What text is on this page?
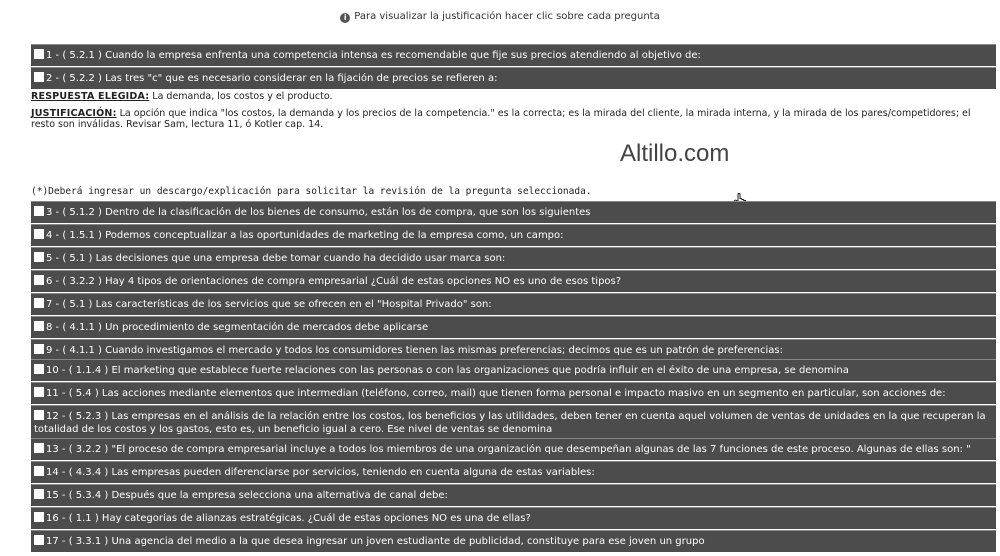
i Para visualizar la justificación hacer clic sobre cada pregunta
1 - ( 5.2.1 ) Cuando la empresa enfrenta una competencia intensa es recomendable que fije sus precios atendiendo al objetivo de:
2 - ( 5.2.2 ) Las tres "c" que es necesario considerar en la fijación de precios se refieren a:
RESPUESTA ELEGIDA: La demanda, los costos y el producto.
JUSTIFICACIÓN: La opción que indica "los costos, la demanda y los precios de la competencia." es la correcta; es la mirada del cliente, la mirada interna, y la mirada de los pares/competidores; el resto son inválidas. Revisar Sam, lectura 11, ó Kotler cap. 14.
Altillo.com
(*)Deberá ingresar un descargo/explicación para solicitar la revisión de la pregunta seleccionada.
3 - ( 5.1.2 ) Dentro de la clasificación de los bienes de consumo, están los de compra, que son los siguientes
4 - ( 1.5.1 ) Podemos conceptualizar a las oportunidades de marketing de la empresa como, un campo:
5 - ( 5.1 ) Las decisiones que una empresa debe tomar cuando ha decidido usar marca son:
6 - ( 3.2.2 ) Hay 4 tipos de orientaciones de compra empresarial ¿Cuál de estas opciones NO es uno de esos tipos?
7 - ( 5.1 ) Las características de los servicios que se ofrecen en el "Hospital Privado" son:
8 - ( 4.1.1 ) Un procedimiento de segmentación de mercados debe aplicarse
9 - ( 4.1.1 ) Cuando investigamos el mercado y todos los consumidores tienen las mismas preferencias; decimos que es un patrón de preferencias:
10 - ( 1.1.4 ) El marketing que establece fuerte relaciones con las personas o con las organizaciones que podría influir en el éxito de una empresa, se denomina
11 - ( 5.4 ) Las acciones mediante elementos que intermedian (teléfono, correo, mail) que tienen forma personal e impacto masivo en un segmento en particular, son acciones de:
12 - ( 5.2.3 ) Las empresas en el análisis de la relación entre los costos, los beneficios y las utilidades, deben tener en cuenta aquel volumen de ventas de unidades en la que recuperan la totalidad de los costos y los gastos, esto es, un beneficio igual a cero. Ese nivel de ventas se denomina
13 - ( 3.2.2 ) "El proceso de compra empresarial incluye a todos los miembros de una organización que desempeñan algunas de las 7 funciones de este proceso. Algunas de ellas son: "
14 - ( 4.3.4 ) Las empresas pueden diferenciarse por servicios, teniendo en cuenta alguna de estas variables:
15 - ( 5.3.4 ) Después que la empresa selecciona una alternativa de canal debe:
16 - ( 1.1 ) Hay categorías de alianzas estratégicas. ¿Cuál de estas opciones NO es una de ellas?
17 - ( 3.3.1 ) Una agencia del medio a la que desea ingresar un joven estudiante de publicidad, constituye para ese joven un grupo
